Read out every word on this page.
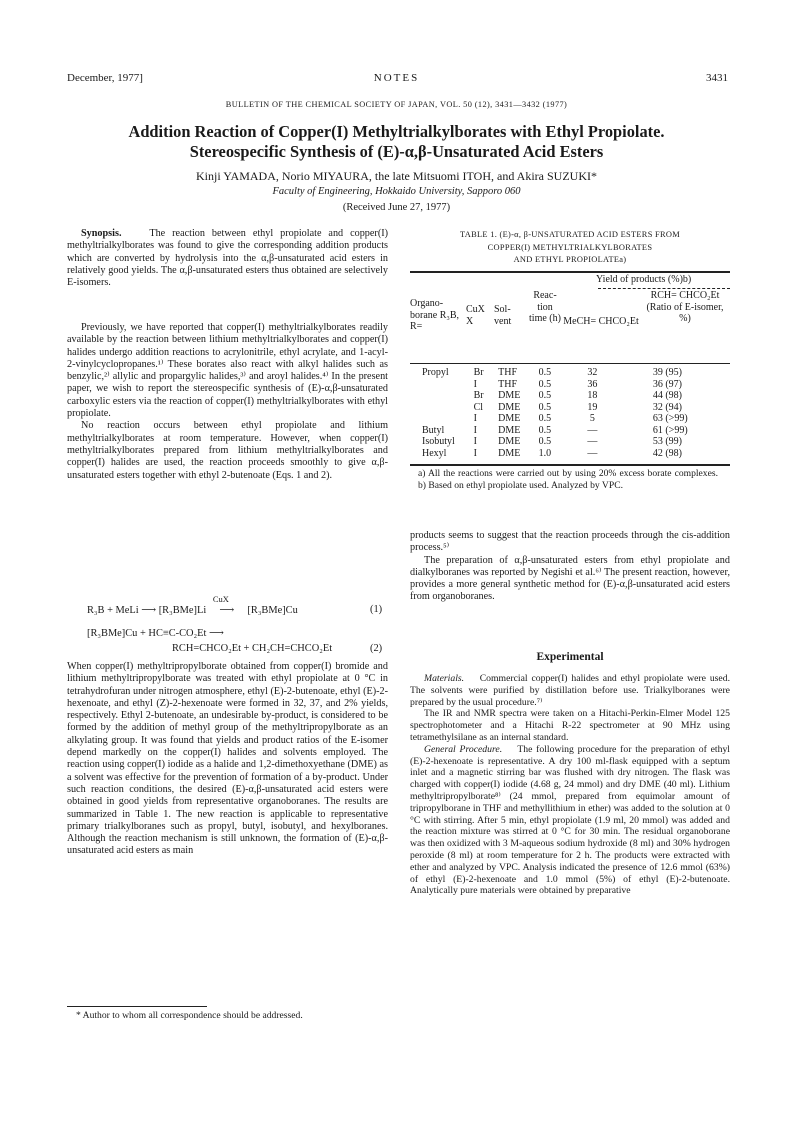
December, 1977]	NOTES	3431
BULLETIN OF THE CHEMICAL SOCIETY OF JAPAN, VOL. 50 (12), 3431—3432 (1977)
Addition Reaction of Copper(I) Methyltrialkylborates with Ethyl Propiolate.
Stereospecific Synthesis of (E)-α,β-Unsaturated Acid Esters
Kinji YAMADA, Norio MIYAURA, the late Mitsuomi ITOH, and Akira SUZUKI*
Faculty of Engineering, Hokkaido University, Sapporo 060
(Received June 27, 1977)

Synopsis.	The reaction between ethyl propiolate and copper(I) methyltrialkylborates was found to give the corresponding addition products which are converted by hydrolysis into the α,β-unsaturated acid esters in relatively good yields. The α,β-unsaturated esters thus obtained are selectively E-isomers.

Previously, we have reported that copper(I) methyltrialkylborates readily available by the reaction between lithium methyltrialkylborates and copper(I) halides undergo addition reactions to acrylonitrile, ethyl acrylate, and 1-acyl-2-vinylcyclopropanes.¹⁾ These borates also react with alkyl halides such as benzylic,²⁾ allylic and propargylic halides,³⁾ and aroyl halides.⁴⁾ In the present paper, we wish to report the stereospecific synthesis of (E)-α,β-unsaturated carboxylic esters via the reaction of copper(I) methyltrialkylborates with ethyl propiolate.

No reaction occurs between ethyl propiolate and lithium methyltrialkylborates at room temperature. However, when copper(I) methyltrialkylborates prepared from lithium methyltrialkylborates and copper(I) halides are used, the reaction proceeds smoothly to give α,β-unsaturated esters together with ethyl 2-butenoate (Eqs. 1 and 2).

R₃B + MeLi ⟶ [R₃BMe]Li
CuX
⟶ [R₃BMe]Cu	(1)
[R₃BMe]Cu + HC≡C-CO₂Et ⟶
RCH=CHCO₂Et + CH₂CH=CHCO₂Et	(2)

When copper(I) methyltripropylborate obtained from copper(I) bromide and lithium methyltripropylborate was treated with ethyl propiolate at 0 °C in tetrahydrofuran under nitrogen atmosphere, ethyl (E)-2-butenoate, ethyl (E)-2-hexenoate, and ethyl (Z)-2-hexenoate were formed in 32, 37, and 2% yields, respectively. Ethyl 2-butenoate, an undesirable by-product, is considered to be formed by the addition of methyl group of the methyltripropylborate as an alkylating group. It was found that yields and product ratios of the E-isomer depend markedly on the copper(I) halides and solvents employed. The reaction using copper(I) iodide as a halide and 1,2-dimethoxyethane (DME) as a solvent was effective for the prevention of formation of a by-product. Under such reaction conditions, the desired (E)-α,β-unsaturated acid esters were obtained in good yields from representative organoboranes. The results are summarized in Table 1. The new reaction is applicable to representative primary trialkylboranes such as propyl, butyl, isobutyl, and hexylboranes. Although the reaction mechanism is still unknown, the formation of (E)-α,β-unsaturated acid esters as main

* Author to whom all correspondence should be addressed.
TABLE 1. (E)-α, β-UNSATURATED ACID ESTERS FROM
COPPER(I) METHYLTRIALKYLBORATES
AND ETHYL PROPIOLATEa)
Yield of products (%)b)
Organo- borane R₃B, R=	CuX X	Sol- vent	Reac- tion time (h)	MeCH= CHCO₂Et	RCH= CHCO₂Et (Ratio of E-isomer, %)
Propyl	Br	THF	0.5	32	39 (95)
	I	THF	0.5	36	36 (97)
	Br	DME	0.5	18	44 (98)
	Cl	DME	0.5	19	32 (94)
	I	DME	0.5	5	63 (>99)
Butyl	I	DME	0.5	—	61 (>99)
Isobutyl	I	DME	0.5	—	53 (99)
Hexyl	I	DME	1.0	—	42 (98)
a) All the reactions were carried out by using 20% excess borate complexes. b) Based on ethyl propiolate used. Analyzed by VPC.

products seems to suggest that the reaction proceeds through the cis-addition process.⁵⁾

The preparation of α,β-unsaturated esters from ethyl propiolate and dialkylboranes was reported by Negishi et al.⁶⁾ The present reaction, however, provides a more general synthetic method for (E)-α,β-unsaturated acid esters from organoboranes.

Experimental

Materials. Commercial copper(I) halides and ethyl propiolate were used. The solvents were purified by distillation before use. Trialkylboranes were prepared by the usual procedure.⁷⁾

The IR and NMR spectra were taken on a Hitachi-Perkin-Elmer Model 125 spectrophotometer and a Hitachi R-22 spectrometer at 90 MHz using tetramethylsilane as an internal standard.

General Procedure. The following procedure for the preparation of ethyl (E)-2-hexenoate is representative. A dry 100 ml-flask equipped with a septum inlet and a magnetic stirring bar was flushed with dry nitrogen. The flask was charged with copper(I) iodide (4.68 g, 24 mmol) and dry DME (40 ml). Lithium methyltripropylborate⁸⁾ (24 mmol, prepared from equimolar amount of tripropylborane in THF and methyllithium in ether) was added to the solution at 0 °C with stirring. After 5 min, ethyl propiolate (1.9 ml, 20 mmol) was added and the reaction mixture was stirred at 0 °C for 30 min. The residual organoborane was then oxidized with 3 M-aqueous sodium hydroxide (8 ml) and 30% hydrogen peroxide (8 ml) at room temperature for 2 h. The products were extracted with ether and analyzed by VPC. Analysis indicated the presence of 12.6 mmol (63%) of ethyl (E)-2-hexenoate and 1.0 mmol (5%) of ethyl (E)-2-butenoate. Analytically pure materials were obtained by preparative
